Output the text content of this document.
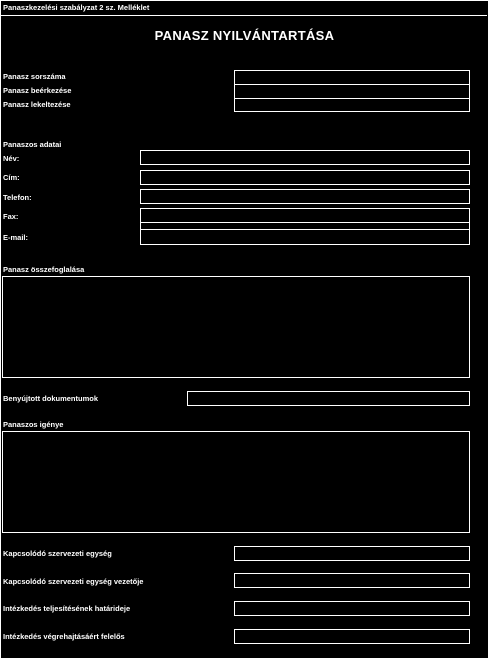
Panaszkezelési szabályzat 2 sz. Melléklet
PANASZ NYILVÁNTARTÁSA
Panasz sorszáma
Panasz beérkezése
Panasz lekeltezése
Panaszos adatai
Név:
Cím:
Telefon:
Fax:
E-mail:
Panasz összefoglalása
Benyújtott dokumentumok
Panaszos igénye
Kapcsolódó szervezeti egység
Kapcsolódó szervezeti egység vezetője
Intézkedés teljesítésének határideje
Intézkedés végrehajtásáért felelős
